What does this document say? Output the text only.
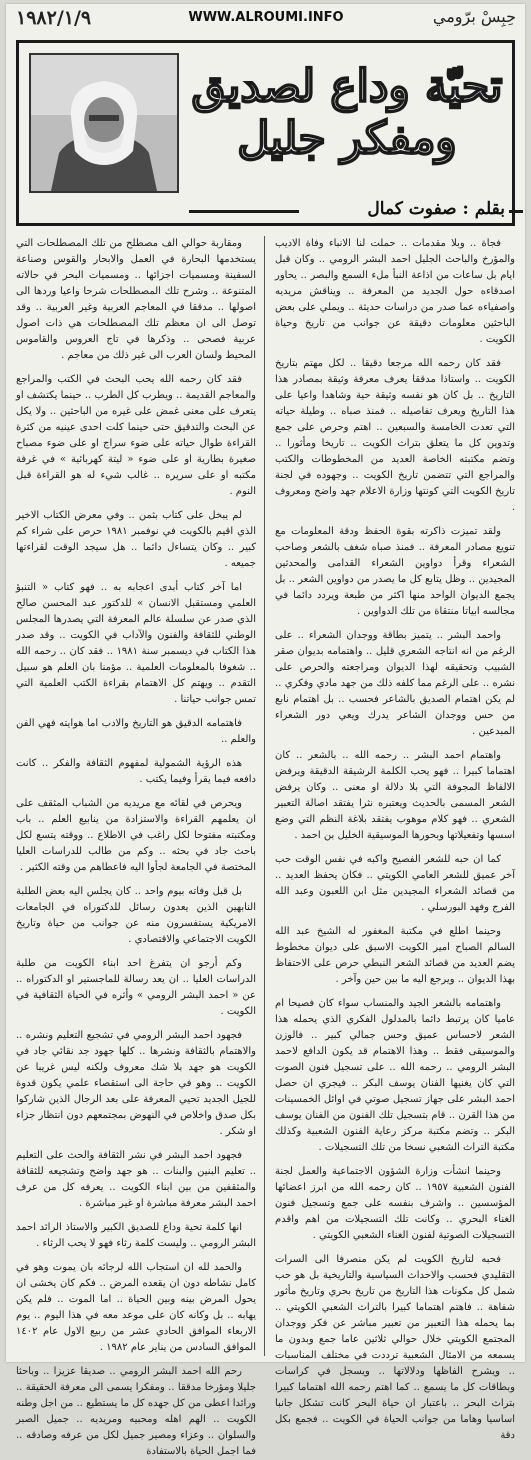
١٩٨٢/١/٩	WWW.ALROUMI.INFO	حِبِسْ برّومي
تحيّة وداع لصديق
ومفكر جليل
بقلم : صفوت كمال

فجاة .. وبلا مقدمات .. حملت لنا الانباء وفاة الاديب والمؤرخ والباحث الجليل احمد البشر الرومي .. وكان قبل ايام بل ساعات من اذاعة النبأ ملء السمع والبصر .. يحاور اصدقاءه حول الجديد من المعرفة .. ويناقش مريديه واصفياءه عما صدر من دراسات حديثة .. ويملي على بعض الباحثين معلومات دقيقة عن جوانب من تاريخ وحياة الكويت .

فقد كان رحمه الله مرجعا دقيقا .. لكل مهتم بتاريخ الكويت .. واستاذا مدققا يعرف معرفة وثيقة بمصادر هذا التاريخ .. بل كان هو نفسه وثيقة حية وشاهدا واعيا على هذا التاريخ ويعرف تفاصيله .. فمنذ صباه .. وطيلة حياته التي تعدت الخامسة والسبعين .. اهتم وحرص على جمع وتدوين كل ما يتعلق بتراث الكويت .. تاريخا ومأثورا .. وتضم مكتبته الخاصة العديد من المخطوطات والكتب والمراجع التي تتضمن تاريخ الكويت .. وجهوده في لجنة تاريخ الكويت التي كونتها وزارة الاعلام جهد واضح ومعروف .

ولقد تميزت ذاكرته بقوة الحفظ ودقة المعلومات مع تنويع مصادر المعرفة .. فمنذ صباه شغف بالشعر وصاحب الشعراء وقرأ دواوين الشعراء القدامى والمحدثين المجيدين .. وظل يتابع كل ما يصدر من دواوين الشعر .. بل يجمع الديوان الواحد منها اكثر من طبعة ويردد دائما في مجالسه ابياتا منتقاة من تلك الدواوين .

واحمد البشر .. يتميز بطاقة ووجدان الشعراء .. على الرغم من انه انتاجه الشعري قليل .. واهتمامه بديوان صقر الشبيب وتحقيقه لهذا الديوان ومراجعته والحرص على نشره .. على الرغم مما كلفه ذلك من جهد مادي وفكري .. لم يكن اهتمام الصديق بالشاعر فحسب .. بل اهتمام نابع من حس ووجدان الشاعر يدرك ويعي دور الشعراء المبدعين .

واهتمام احمد البشر .. رحمه الله .. بالشعر .. كان اهتماما كبيرا .. فهو يحب الكلمة الرشيقة الدقيقة ويرفض الالفاظ المجوفة التي بلا دلالة او معنى .. وكان يرفض الشعر المسمى بالحديث ويعتبره نثرا يفتقد اصالة التعبير الشعري .. فهو كلام موهوب يفتقد بلاغة النظم التي وضع اسسها وتفعيلاتها وبحورها الموسيقية الخليل بن احمد .

كما ان حبه للشعر الفصيح واكبه في نفس الوقت حب آخر عميق للشعر العامي الكويتي .. فكان يحفظ العديد .. من قصائد الشعراء المجيدين مثل ابن اللعبون وعبد الله الفرج وفهد البورسلي .

وحينما اطلع في مكتبة المغفور له الشيخ عبد الله السالم الصباح امير الكويت الاسبق على ديوان مخطوط يضم العديد من قصائد الشعر النبطي حرص على الاحتفاظ بهذا الديوان .. ويرجع اليه ما بين حين وآخر .

واهتمامه بالشعر الجيد والمنساب سواء كان فصيحا ام عاميا كان يرتبط دائما بالمدلول الفكري الذي يحمله هذا الشعر لاحساس عميق وحس جمالي كبير .. فالوزن والموسيقى فقط .. وهذا الاهتمام قد يكون الدافع لاحمد البشر الرومي .. رحمه الله .. على تسجيل فنون الصوت التي كان يغنيها الفنان يوسف البكر .. فيجري ان حصل احمد البشر على جهاز تسجيل صوتي في اوائل الخمسينات من هذا القرن .. قام بتسجيل تلك الفنون من الفنان يوسف البكر .. وتضم مكتبة مركز رعاية الفنون الشعبية وكذلك مكتبة التراث الشعبي نسخا من تلك التسجيلات .

وحينما انشأت وزارة الشؤون الاجتماعية والعمل لجنة الفنون الشعبية ١٩٥٧ .. كان رحمه الله من ابرز اعضائها المؤسسين .. واشرف بنفسه على جمع وتسجيل فنون الغناء البحري .. وكانت تلك التسجيلات من اهم واقدم التسجيلات الصوتية لفنون الغناء الشعبي الكويتي .

فحبه لتاريخ الكويت لم يكن منصرفا الى السرات التقليدي فحسب والاحداث السياسية والتاريخية بل هو حب شمل كل مكونات هذا التاريخ من تاريخ بحري وتاريخ مأثور شفاهة .. فاهتم اهتماما كبيرا بالتراث الشعبي الكويتي .. بما يحمله هذا التعبير من تعبير مباشر عن فكر ووجدان المجتمع الكويتي خلال حوالي ثلاثين عاما جمع وبدون ما يسمعه من الامثال الشعبية ترددت في مختلف المناسبات .. ويشرح الفاظها ودلالاتها .. ويسجل في كراسات وبطاقات كل ما يسمع .. كما اهتم رحمه الله اهتماما كبيرا بتراث البحر .. باعتبار ان حياة البحر كانت تشكل جانبا اساسيا وهاما من جوانب الحياة في الكويت .. فجمع بكل دقة

ومقاربة حوالي الف مصطلح من تلك المصطلحات التي يستخدمها البحارة في العمل والابحار والقوس وصناعة السفينة ومسميات اجزائها .. ومسميات البحر في حالاته المتنوعة .. وشرح تلك المصطلحات شرحا واعيا وردها الى اصولها .. مدققا في المعاجم العربية وغير العربية .. وقد توصل الى ان معظم تلك المصطلحات هي ذات اصول عربية فصحى .. وذكرها في تاج العروس والقاموس المحيط ولسان العرب الى غير ذلك من معاجم .

فقد كان رحمه الله يحب البحث في الكتب والمراجع والمعاجم القديمة .. ويطرب كل الطرب .. حينما يكتشف او يتعرف على معنى غمض على غيره من الباحثين .. ولا يكل عن البحث والتدقيق حتى حينما كلت احدى عينيه من كثرة القراءة طوال حياته على ضوء سراج او على ضوء مصباح صغيرة بطارية او على ضوء « ليتة كهربائية » في غرفة مكتبه او على سريره .. غالب شيء له هو القراءة قبل النوم .

لم يبخل على كتاب بثمن .. وفي معرض الكتاب الاخير الذي اقيم بالكويت في نوفمبر ١٩٨١ حرص على شراء كم كبير .. وكان يتساءل دائما .. هل سيجد الوقت لقراءتها جميعه .

اما آخر كتاب أبدى اعجابه به .. فهو كتاب « التنبؤ العلمي ومستقبل الانسان » للدكتور عبد المحسن صالح الذي صدر عن سلسلة عالم المعرفة التي يصدرها المجلس الوطني للثقافة والفنون والآداب في الكويت .. وقد صدر هذا الكتاب في ديسمبر سنة ١٩٨١ .. فقد كان .. رحمه الله .. شغوفا بالمعلومات العلمية .. مؤمنا بان العلم هو سبيل التقدم .. ويهتم كل الاهتمام بقراءة الكتب العلمية التي تمس جوانب حياتنا .

فاهتمامه الدقيق هو التاريخ والادب اما هوايته فهي الفن والعلم ..

هذه الرؤية الشمولية لمفهوم الثقافة والفكر .. كانت دافعه فيما يقرأ وفيما يكتب .

ويحرص في لقائه مع مريديه من الشباب المثقف على ان يعلمهم القراءة والاستزادة من ينابيع العلم .. باب ومكتبته مفتوحا لكل راغب في الاطلاع .. ووقته يتسع لكل باحث جاد في بحثه .. وكم من طالب للدراسات العليا المختصة في الجامعة لجأوا اليه فاعطاهم من وقته الكثير .

بل قبل وفاته بيوم واحد .. كان يجلس اليه بعض الطلبة النابهين الذين يعدون رسائل للدكتوراه في الجامعات الامريكية يستفسرون منه عن جوانب من حياة وتاريخ الكويت الاجتماعي والاقتصادي .

وكم أرجو ان يتفرغ احد ابناء الكويت من طلبة الدراسات العليا .. ان يعد رسالة للماجستير او الدكتوراه .. عن « احمد البشر الرومي » وأثره في الحياة الثقافية في الكويت .

فجهود احمد البشر الرومي في تشجيع التعليم ونشره .. والاهتمام بالثقافة ونشرها .. كلها جهود جد نقائي جاد في الكويت هو جهد بلا شك معروف ولكنه ليس غريبا عن الكويت .. وهو في حاجة الى استقصاء علمي يكون قدوة للجيل الجديد تحيي المعرفة على بعد الرجال الذين شاركوا بكل صدق واخلاص في النهوض بمجتمعهم دون انتظار جزاء او شكر .

فجهود احمد البشر في نشر الثقافة والحث على التعليم .. تعليم البنين والبنات .. هو جهد واضح وتشجيعه للثقافة والمثقفين من بين ابناء الكويت .. يعرفه كل من عرف احمد البشر معرفة مباشرة او غير مباشرة .

انها كلمة تحية وداع للصديق الكبير والاستاذ الرائد احمد البشر الرومي .. وليست كلمة رثاء فهو لا يحب الرثاء .

والحمد لله ان استجاب الله لرجائه بان يموت وهو في كامل نشاطه دون ان يقعده المرض .. فكم كان يخشى ان يحول المرض بينه وبين الحياة .. اما الموت .. فلم يكن يهابه .. بل وكانه كان على موعد معه في هذا اليوم .. يوم الاربعاء الموافق الحادي عشر من ربيع الاول عام ١٤٠٢ الموافق السادس من يناير عام ١٩٨٢ .

رحم الله احمد البشر الرومي .. صديقا عزيزا .. وباحثا جليلا ومؤرخا مدققا .. ومفكرا يسمى الى معرفة الحقيقة .. ورائدا اعطى من كل جهده كل ما يستطيع .. من اجل وطنه الكويت .. الهم اهله ومحبيه ومريديه .. جميل الصبر والسلوان .. وعزاء ومصير جميل لكل من عرفه وصادقه .. فما اجمل الحياة بالاستفادة
